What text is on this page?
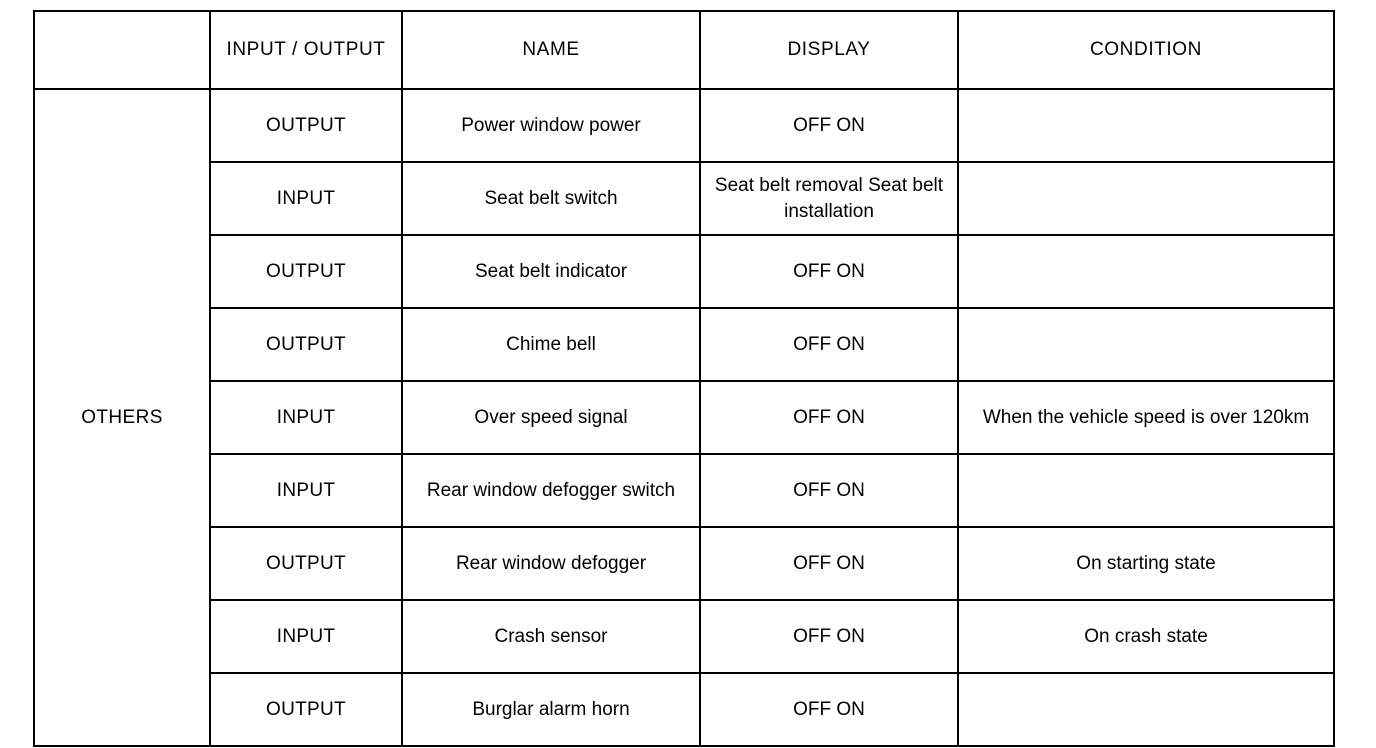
	INPUT / OUTPUT	NAME	DISPLAY	CONDITION
OTHERS	OUTPUT	Power window power	OFF ON	
	INPUT	Seat belt switch	Seat belt removal Seat belt installation	
	OUTPUT	Seat belt indicator	OFF ON	
	OUTPUT	Chime bell	OFF ON	
	INPUT	Over speed signal	OFF ON	When the vehicle speed is over 120km
	INPUT	Rear window defogger switch	OFF ON	
	OUTPUT	Rear window defogger	OFF ON	On starting state
	INPUT	Crash sensor	OFF ON	On crash state
	OUTPUT	Burglar alarm horn	OFF ON	
